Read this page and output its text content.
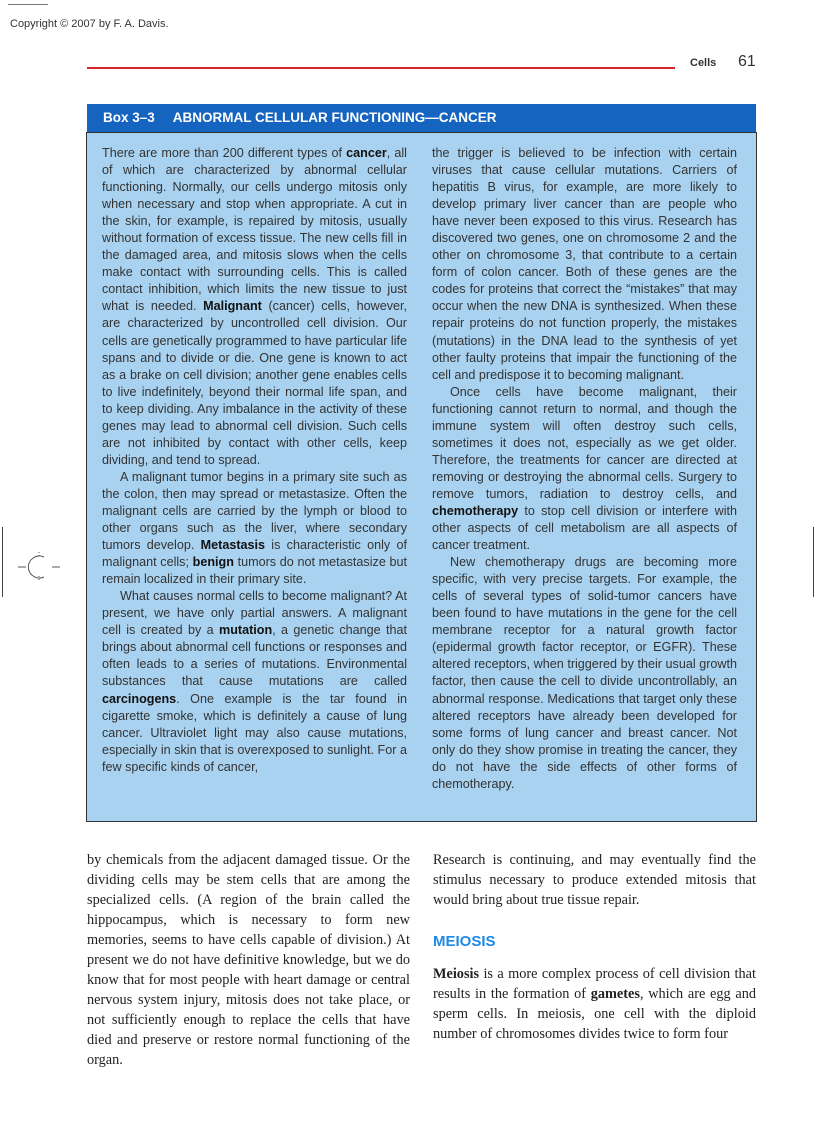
Copyright © 2007 by F. A. Davis.
Cells 61
Box 3–3 ABNORMAL CELLULAR FUNCTIONING—CANCER

There are more than 200 different types of cancer, all of which are characterized by abnormal cellular functioning. Normally, our cells undergo mitosis only when necessary and stop when appropriate. A cut in the skin, for example, is repaired by mitosis, usually without formation of excess tissue. The new cells fill in the damaged area, and mitosis slows when the cells make contact with surrounding cells. This is called contact inhibition, which limits the new tissue to just what is needed. Malignant (cancer) cells, however, are characterized by uncontrolled cell division. Our cells are genetically programmed to have particular life spans and to divide or die. One gene is known to act as a brake on cell division; another gene enables cells to live indefinitely, beyond their normal life span, and to keep dividing. Any imbalance in the activity of these genes may lead to abnormal cell division. Such cells are not inhibited by contact with other cells, keep dividing, and tend to spread.

A malignant tumor begins in a primary site such as the colon, then may spread or metastasize. Often the malignant cells are carried by the lymph or blood to other organs such as the liver, where secondary tumors develop. Metastasis is characteristic only of malignant cells; benign tumors do not metastasize but remain localized in their primary site.

What causes normal cells to become malignant? At present, we have only partial answers. A malignant cell is created by a mutation, a genetic change that brings about abnormal cell functions or responses and often leads to a series of mutations. Environmental substances that cause mutations are called carcinogens. One example is the tar found in cigarette smoke, which is definitely a cause of lung cancer. Ultraviolet light may also cause mutations, especially in skin that is overexposed to sunlight. For a few specific kinds of cancer,

the trigger is believed to be infection with certain viruses that cause cellular mutations. Carriers of hepatitis B virus, for example, are more likely to develop primary liver cancer than are people who have never been exposed to this virus. Research has discovered two genes, one on chromosome 2 and the other on chromosome 3, that contribute to a certain form of colon cancer. Both of these genes are the codes for proteins that correct the “mistakes” that may occur when the new DNA is synthesized. When these repair proteins do not function properly, the mistakes (mutations) in the DNA lead to the synthesis of yet other faulty proteins that impair the functioning of the cell and predispose it to becoming malignant.

Once cells have become malignant, their functioning cannot return to normal, and though the immune system will often destroy such cells, sometimes it does not, especially as we get older. Therefore, the treatments for cancer are directed at removing or destroying the abnormal cells. Surgery to remove tumors, radiation to destroy cells, and chemotherapy to stop cell division or interfere with other aspects of cell metabolism are all aspects of cancer treatment.

New chemotherapy drugs are becoming more specific, with very precise targets. For example, the cells of several types of solid-tumor cancers have been found to have mutations in the gene for the cell membrane receptor for a natural growth factor (epidermal growth factor receptor, or EGFR). These altered receptors, when triggered by their usual growth factor, then cause the cell to divide uncontrollably, an abnormal response. Medications that target only these altered receptors have already been developed for some forms of lung cancer and breast cancer. Not only do they show promise in treating the cancer, they do not have the side effects of other forms of chemotherapy.

by chemicals from the adjacent damaged tissue. Or the dividing cells may be stem cells that are among the specialized cells. (A region of the brain called the hippocampus, which is necessary to form new memories, seems to have cells capable of division.) At present we do not have definitive knowledge, but we do know that for most people with heart damage or central nervous system injury, mitosis does not take place, or not sufficiently enough to replace the cells that have died and preserve or restore normal functioning of the organ.

Research is continuing, and may eventually find the stimulus necessary to produce extended mitosis that would bring about true tissue repair.

MEIOSIS

Meiosis is a more complex process of cell division that results in the formation of gametes, which are egg and sperm cells. In meiosis, one cell with the diploid number of chromosomes divides twice to form four
